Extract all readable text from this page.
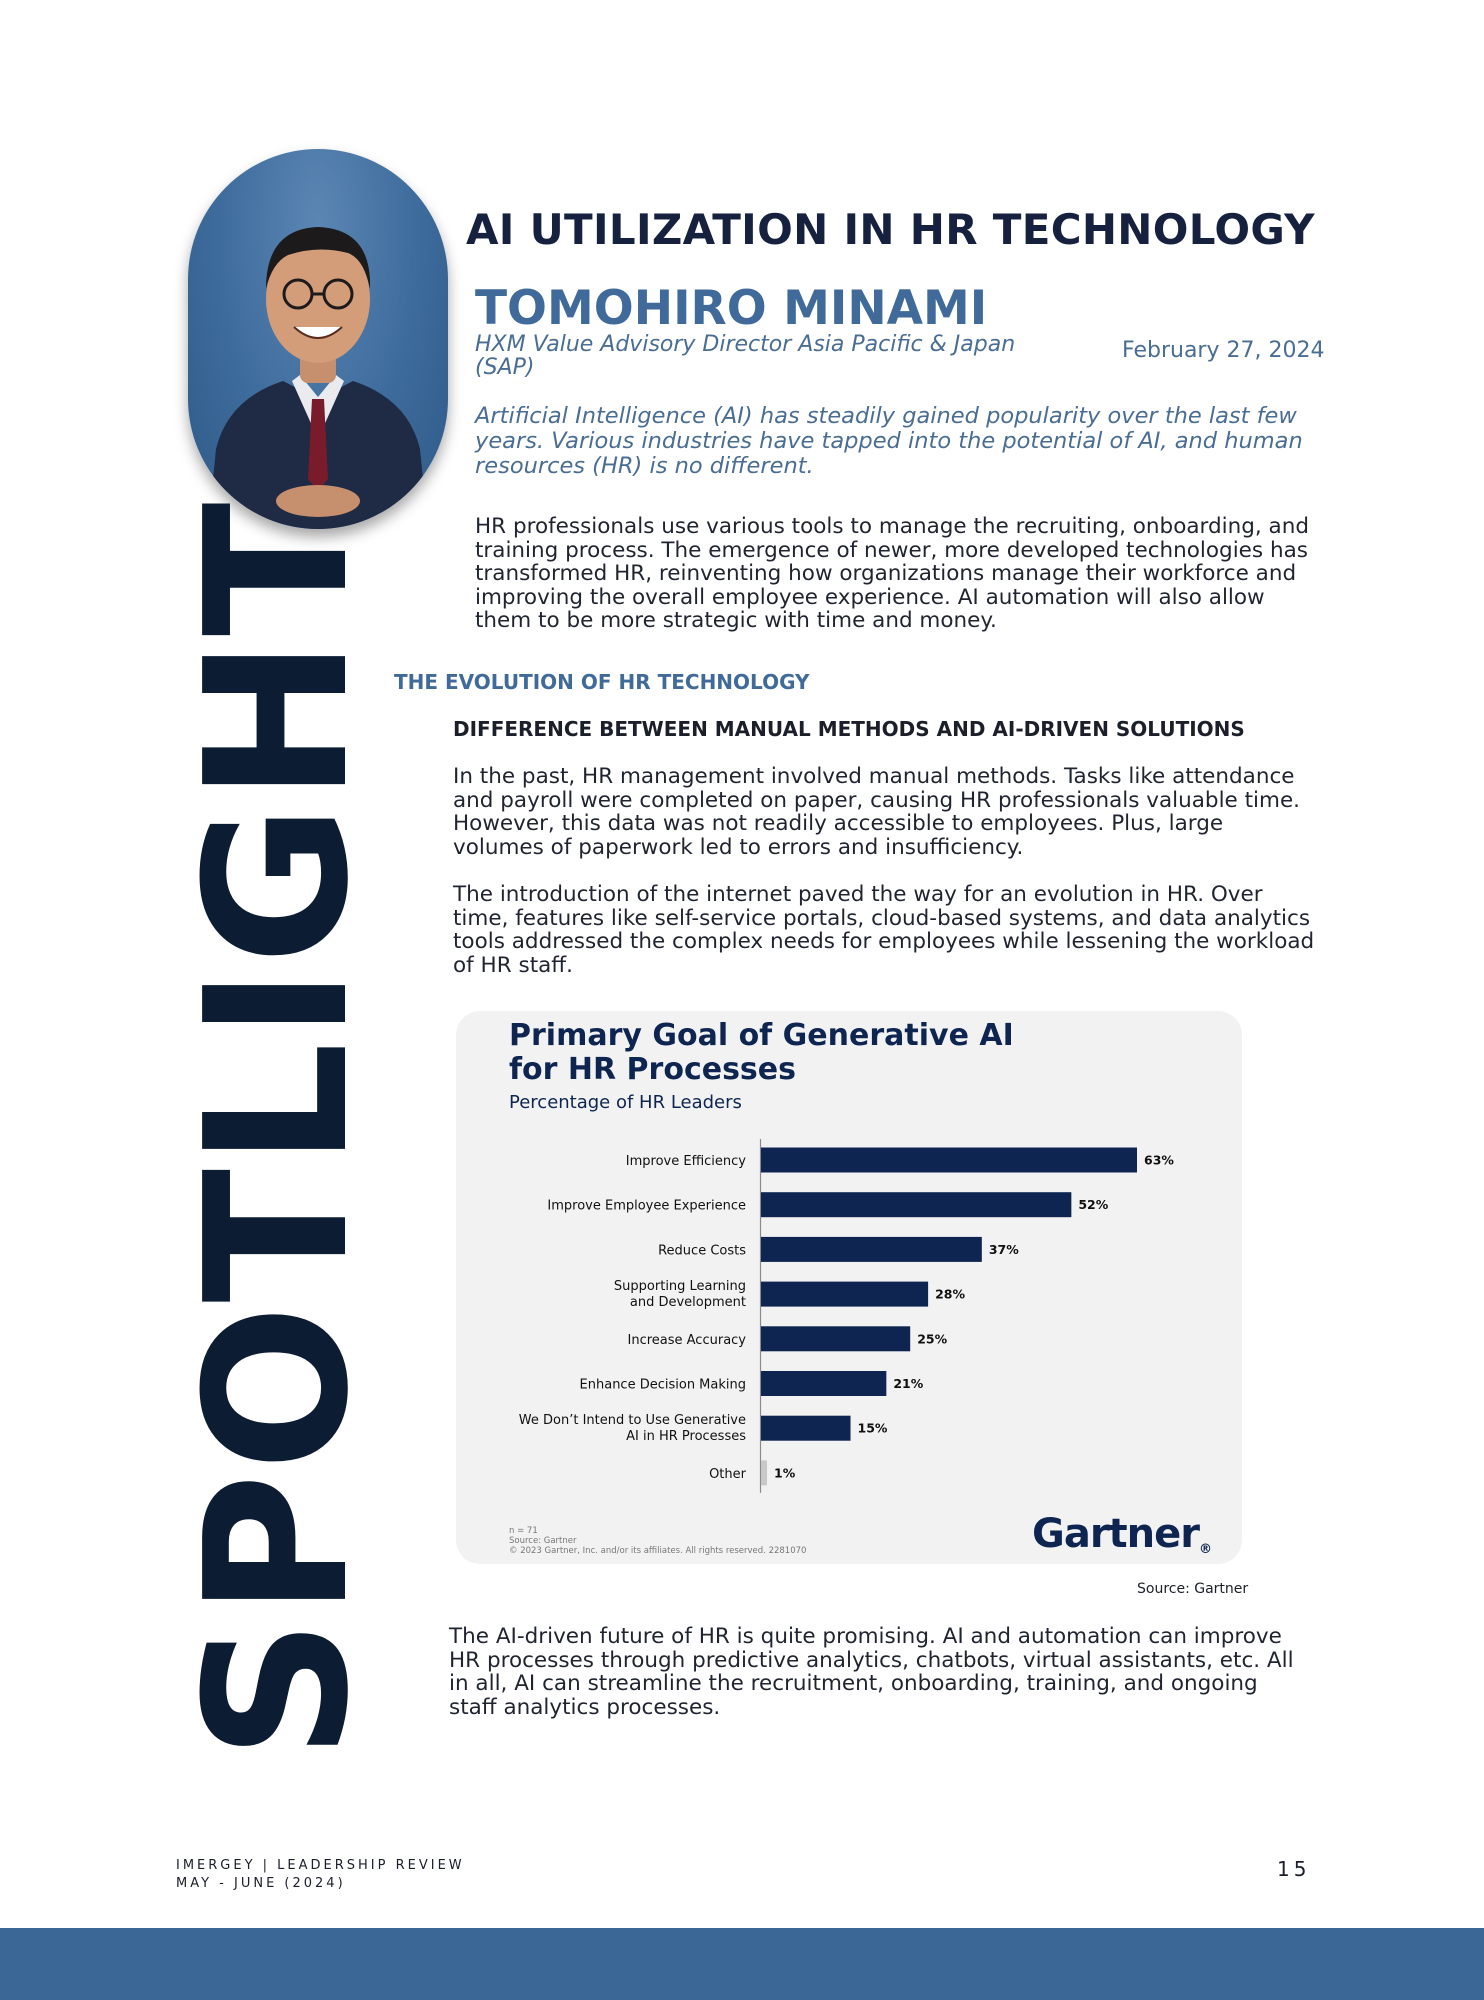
AI UTILIZATION IN HR TECHNOLOGY
TOMOHIRO MINAMI
HXM Value Advisory Director Asia Pacific & Japan (SAP)
February 27, 2024

Artificial Intelligence (AI) has steadily gained popularity over the last few years. Various industries have tapped into the potential of AI, and human resources (HR) is no different.

HR professionals use various tools to manage the recruiting, onboarding, and training process. The emergence of newer, more developed technologies has transformed HR, reinventing how organizations manage their workforce and improving the overall employee experience. AI automation will also allow them to be more strategic with time and money.

SPOTLIGHT THE EVOLUTION OF HR TECHNOLOGY
DIFFERENCE BETWEEN MANUAL METHODS AND AI-DRIVEN SOLUTIONS

In the past, HR management involved manual methods. Tasks like attendance and payroll were completed on paper, causing HR professionals valuable time. However, this data was not readily accessible to employees. Plus, large volumes of paperwork led to errors and insufficiency.

The introduction of the internet paved the way for an evolution in HR. Over time, features like self-service portals, cloud-based systems, and data analytics tools addressed the complex needs for employees while lessening the workload of HR staff.

Primary Goal of Generative AI for HR Processes
Percentage of HR Leaders
63%
Improve Efficiency
52%
Improve Employee Experience
37%
Reduce Costs
28%
Supporting Learning
and Development
25%
Increase Accuracy
21%
Enhance Decision Making
15%
We Don’t Intend to Use Generative
AI in HR Processes
1%
Other
n = 71
Source: Gartner
© 2023 Gartner, Inc. and/or its affiliates. All rights reserved. 2281070	Gartner®
Source: Gartner

The AI-driven future of HR is quite promising. AI and automation can improve HR processes through predictive analytics, chatbots, virtual assistants, etc. All in all, AI can streamline the recruitment, onboarding, training, and ongoing staff analytics processes.

IMERGEY | LEADERSHIP REVIEW
MAY - JUNE (2024)
15
